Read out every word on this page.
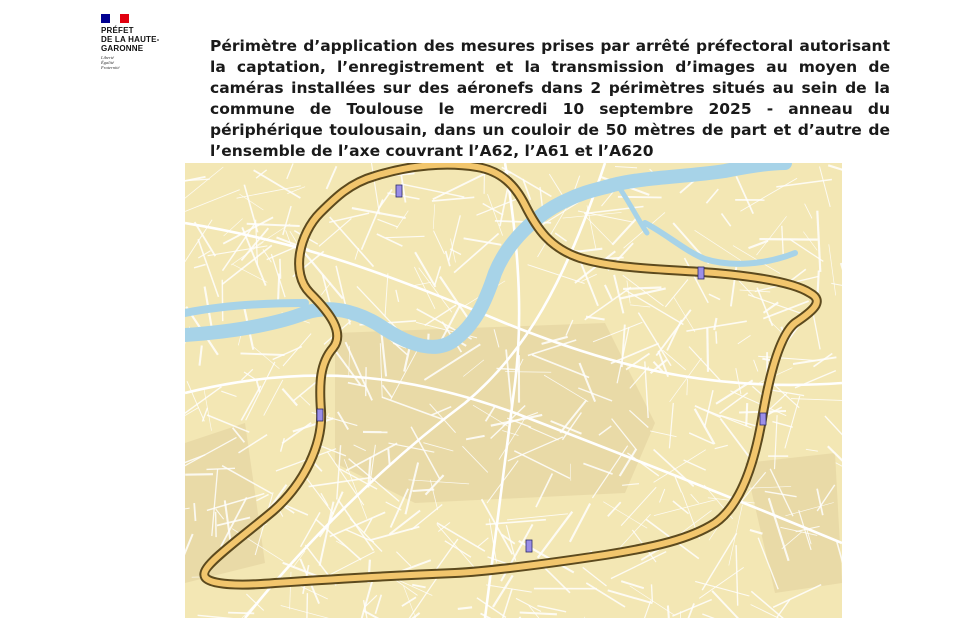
PRÉFET
DE LA HAUTE-
GARONNE
Liberté
Égalité
Fraternité

Périmètre d’application des mesures prises par arrêté préfectoral autorisant la captation, l’enregistrement et la transmission d’images au moyen de caméras installées sur des aéronefs dans 2 périmètres situés au sein de la commune de Toulouse le mercredi 10 septembre 2025 - anneau du périphérique toulousain, dans un couloir de 50 mètres de part et d’autre de l’ensemble de l’axe couvrant l’A62, l’A61 et l’A620
